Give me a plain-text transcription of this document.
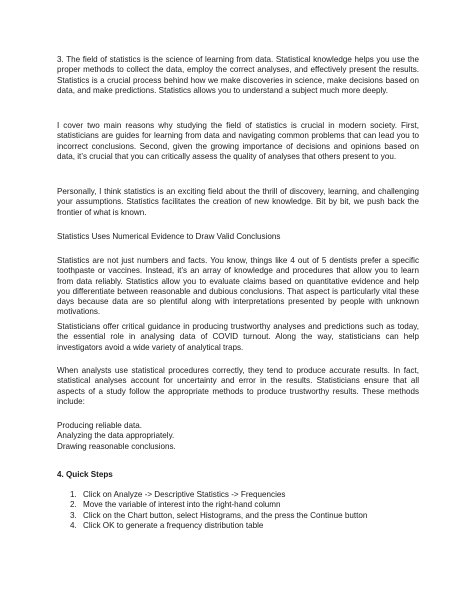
3. The field of statistics is the science of learning from data. Statistical knowledge helps you use the proper methods to collect the data, employ the correct analyses, and effectively present the results. Statistics is a crucial process behind how we make discoveries in science, make decisions based on data, and make predictions. Statistics allows you to understand a subject much more deeply.

I cover two main reasons why studying the field of statistics is crucial in modern society. First, statisticians are guides for learning from data and navigating common problems that can lead you to incorrect conclusions. Second, given the growing importance of decisions and opinions based on data, it’s crucial that you can critically assess the quality of analyses that others present to you.

Personally, I think statistics is an exciting field about the thrill of discovery, learning, and challenging your assumptions. Statistics facilitates the creation of new knowledge. Bit by bit, we push back the frontier of what is known.

Statistics Uses Numerical Evidence to Draw Valid Conclusions

Statistics are not just numbers and facts. You know, things like 4 out of 5 dentists prefer a specific toothpaste or vaccines. Instead, it’s an array of knowledge and procedures that allow you to learn from data reliably. Statistics allow you to evaluate claims based on quantitative evidence and help you differentiate between reasonable and dubious conclusions. That aspect is particularly vital these days because data are so plentiful along with interpretations presented by people with unknown motivations.

Statisticians offer critical guidance in producing trustworthy analyses and predictions such as today, the essential role in analysing data of COVID turnout. Along the way, statisticians can help investigators avoid a wide variety of analytical traps.

When analysts use statistical procedures correctly, they tend to produce accurate results. In fact, statistical analyses account for uncertainty and error in the results. Statisticians ensure that all aspects of a study follow the appropriate methods to produce trustworthy results. These methods include:

Producing reliable data.

Analyzing the data appropriately.

Drawing reasonable conclusions.

4. Quick Steps

1. Click on Analyze -> Descriptive Statistics -> Frequencies
2. Move the variable of interest into the right-hand column
3. Click on the Chart button, select Histograms, and the press the Continue button
4. Click OK to generate a frequency distribution table
